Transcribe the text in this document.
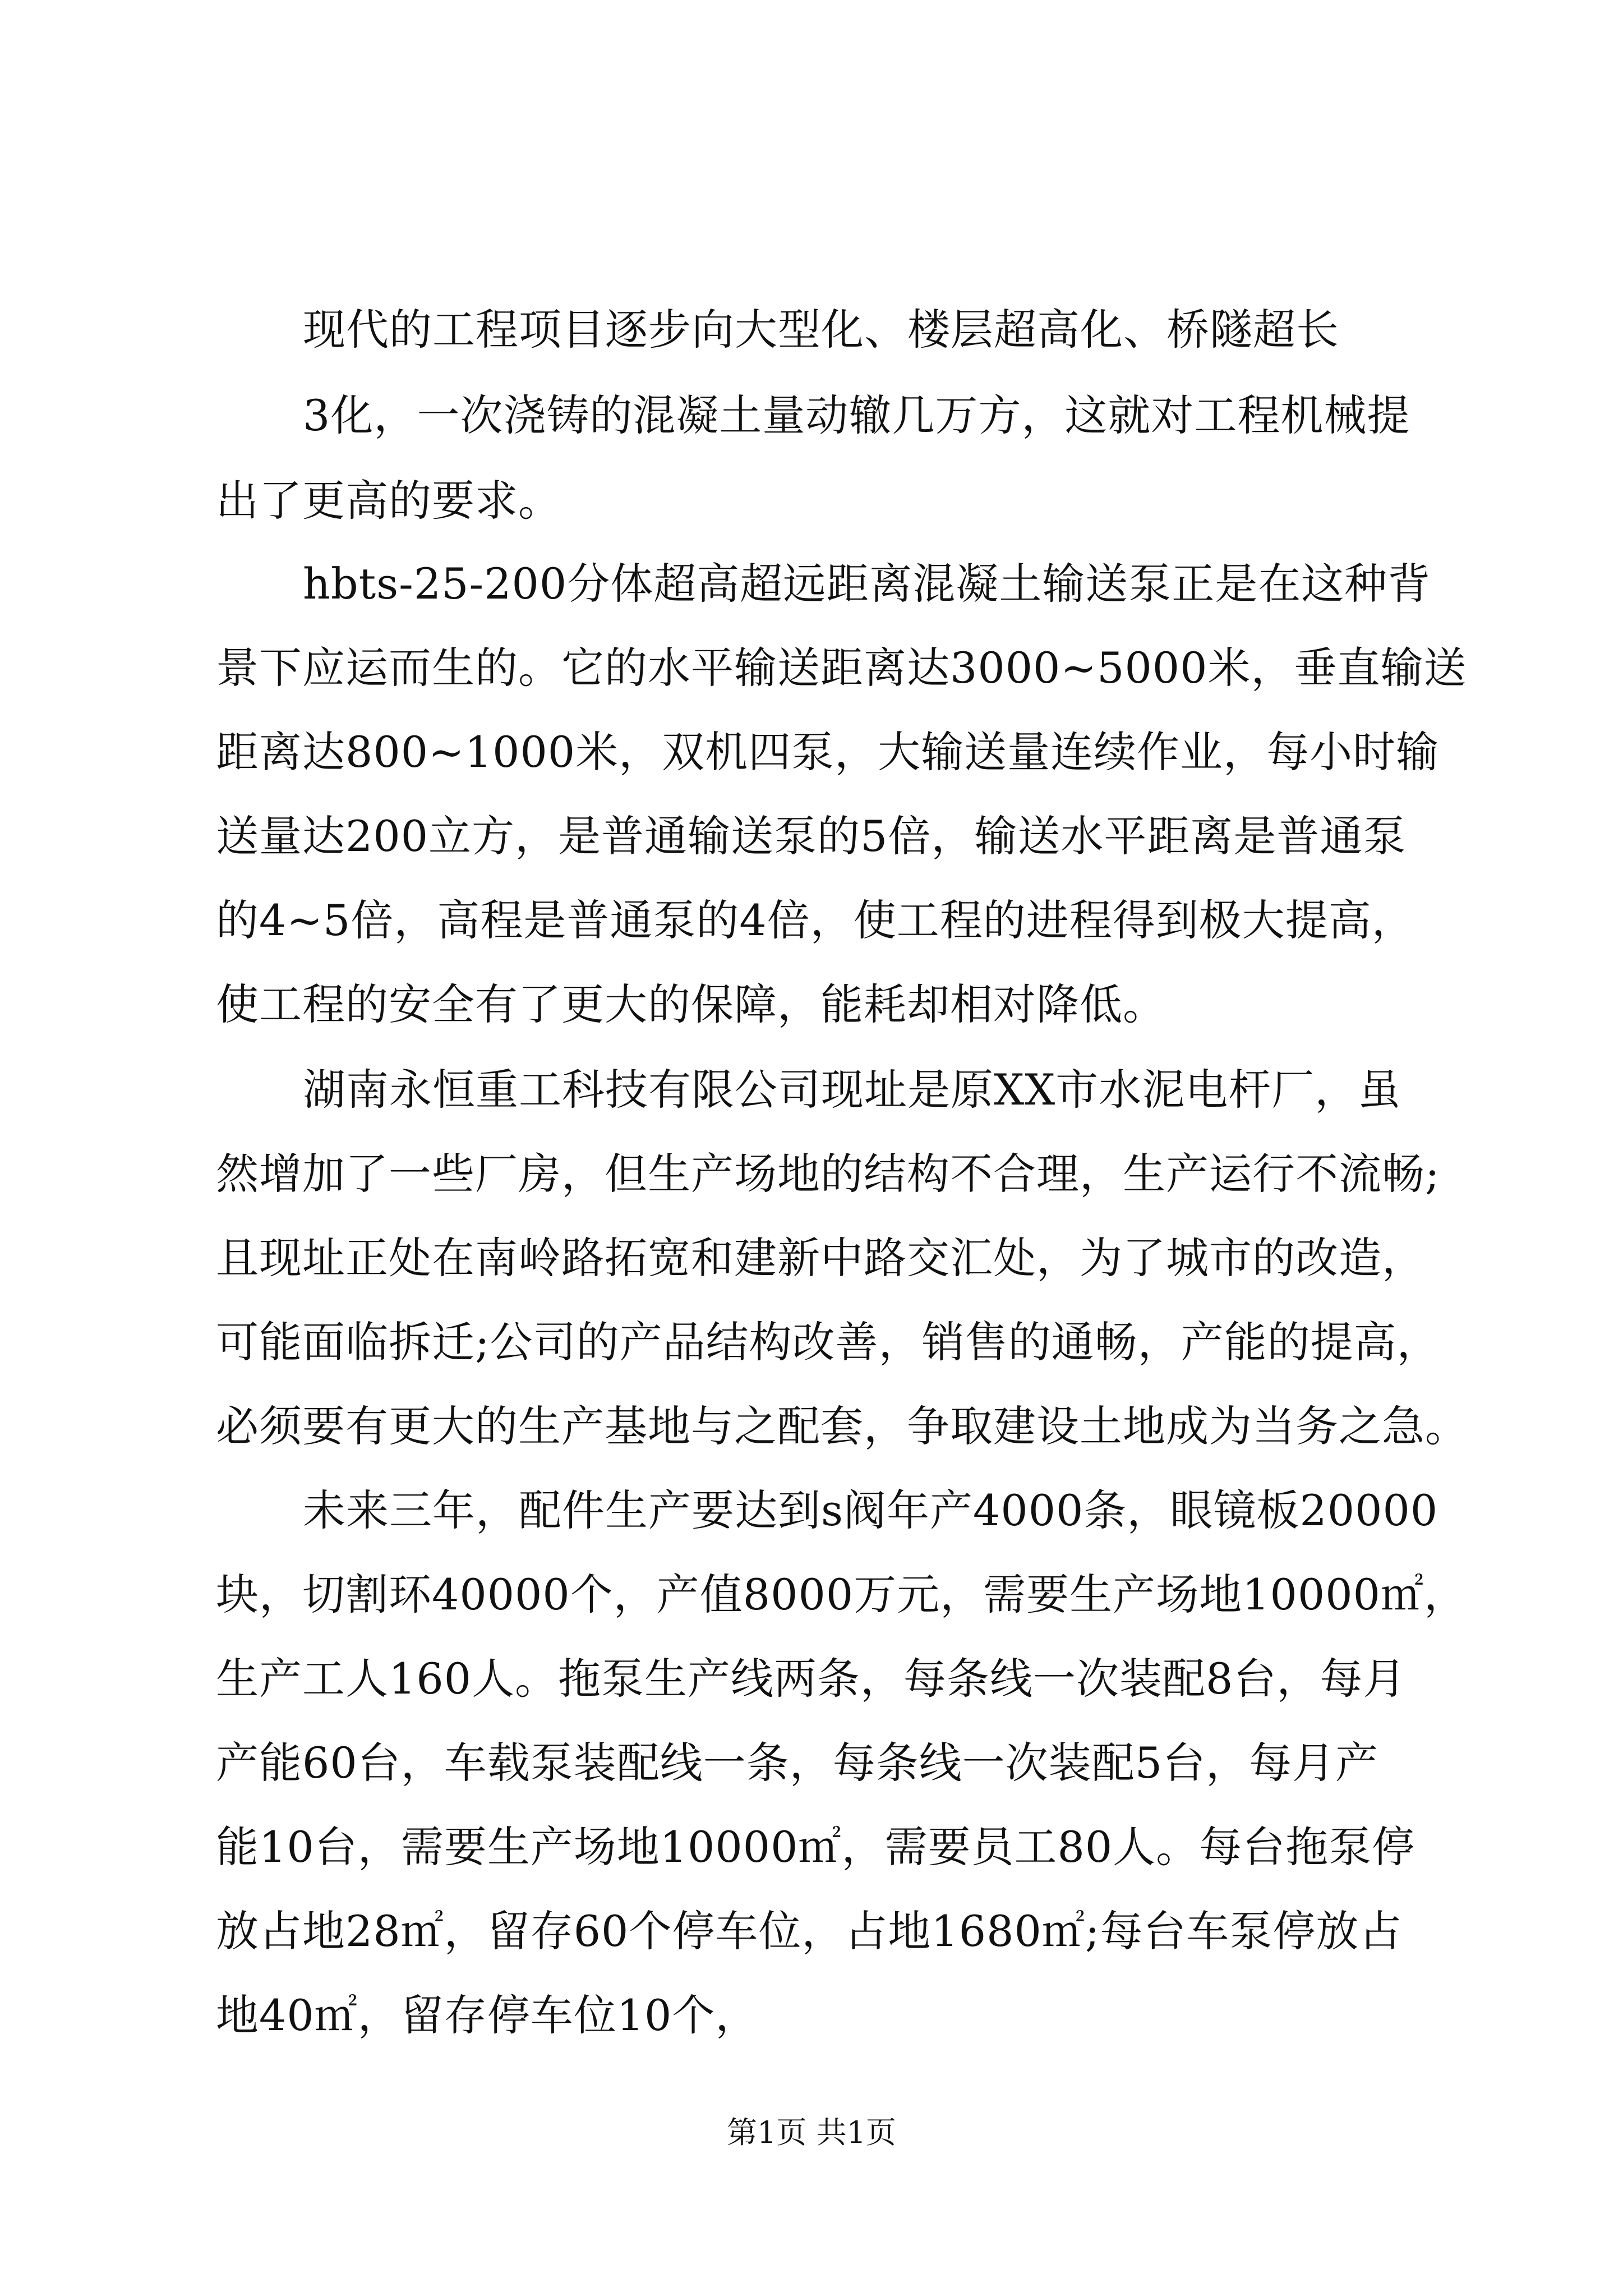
现代的工程项目逐步向大型化、楼层超高化、桥隧超长
3化，一次浇铸的混凝土量动辙几万方，这就对工程机械提
出了更高的要求。
hbts-25-200分体超高超远距离混凝土输送泵正是在这种背
景下应运而生的。它的水平输送距离达3000~5000米，垂直输送
距离达800~1000米，双机四泵，大输送量连续作业，每小时输
送量达200立方，是普通输送泵的5倍，输送水平距离是普通泵
的4~5倍，高程是普通泵的4倍，使工程的进程得到极大提高，
使工程的安全有了更大的保障，能耗却相对降低。
湖南永恒重工科技有限公司现址是原XX市水泥电杆厂，虽
然增加了一些厂房，但生产场地的结构不合理，生产运行不流畅;
且现址正处在南岭路拓宽和建新中路交汇处，为了城市的改造，
可能面临拆迁;公司的产品结构改善，销售的通畅，产能的提高，
必须要有更大的生产基地与之配套，争取建设土地成为当务之急。
未来三年，配件生产要达到s阀年产4000条，眼镜板20000
块，切割环40000个，产值8000万元，需要生产场地10000㎡，
生产工人160人。拖泵生产线两条，每条线一次装配8台，每月
产能60台，车载泵装配线一条，每条线一次装配5台，每月产
能10台，需要生产场地10000㎡，需要员工80人。每台拖泵停
放占地28㎡，留存60个停车位，占地1680㎡;每台车泵停放占
地40㎡，留存停车位10个，
第1页 共1页
